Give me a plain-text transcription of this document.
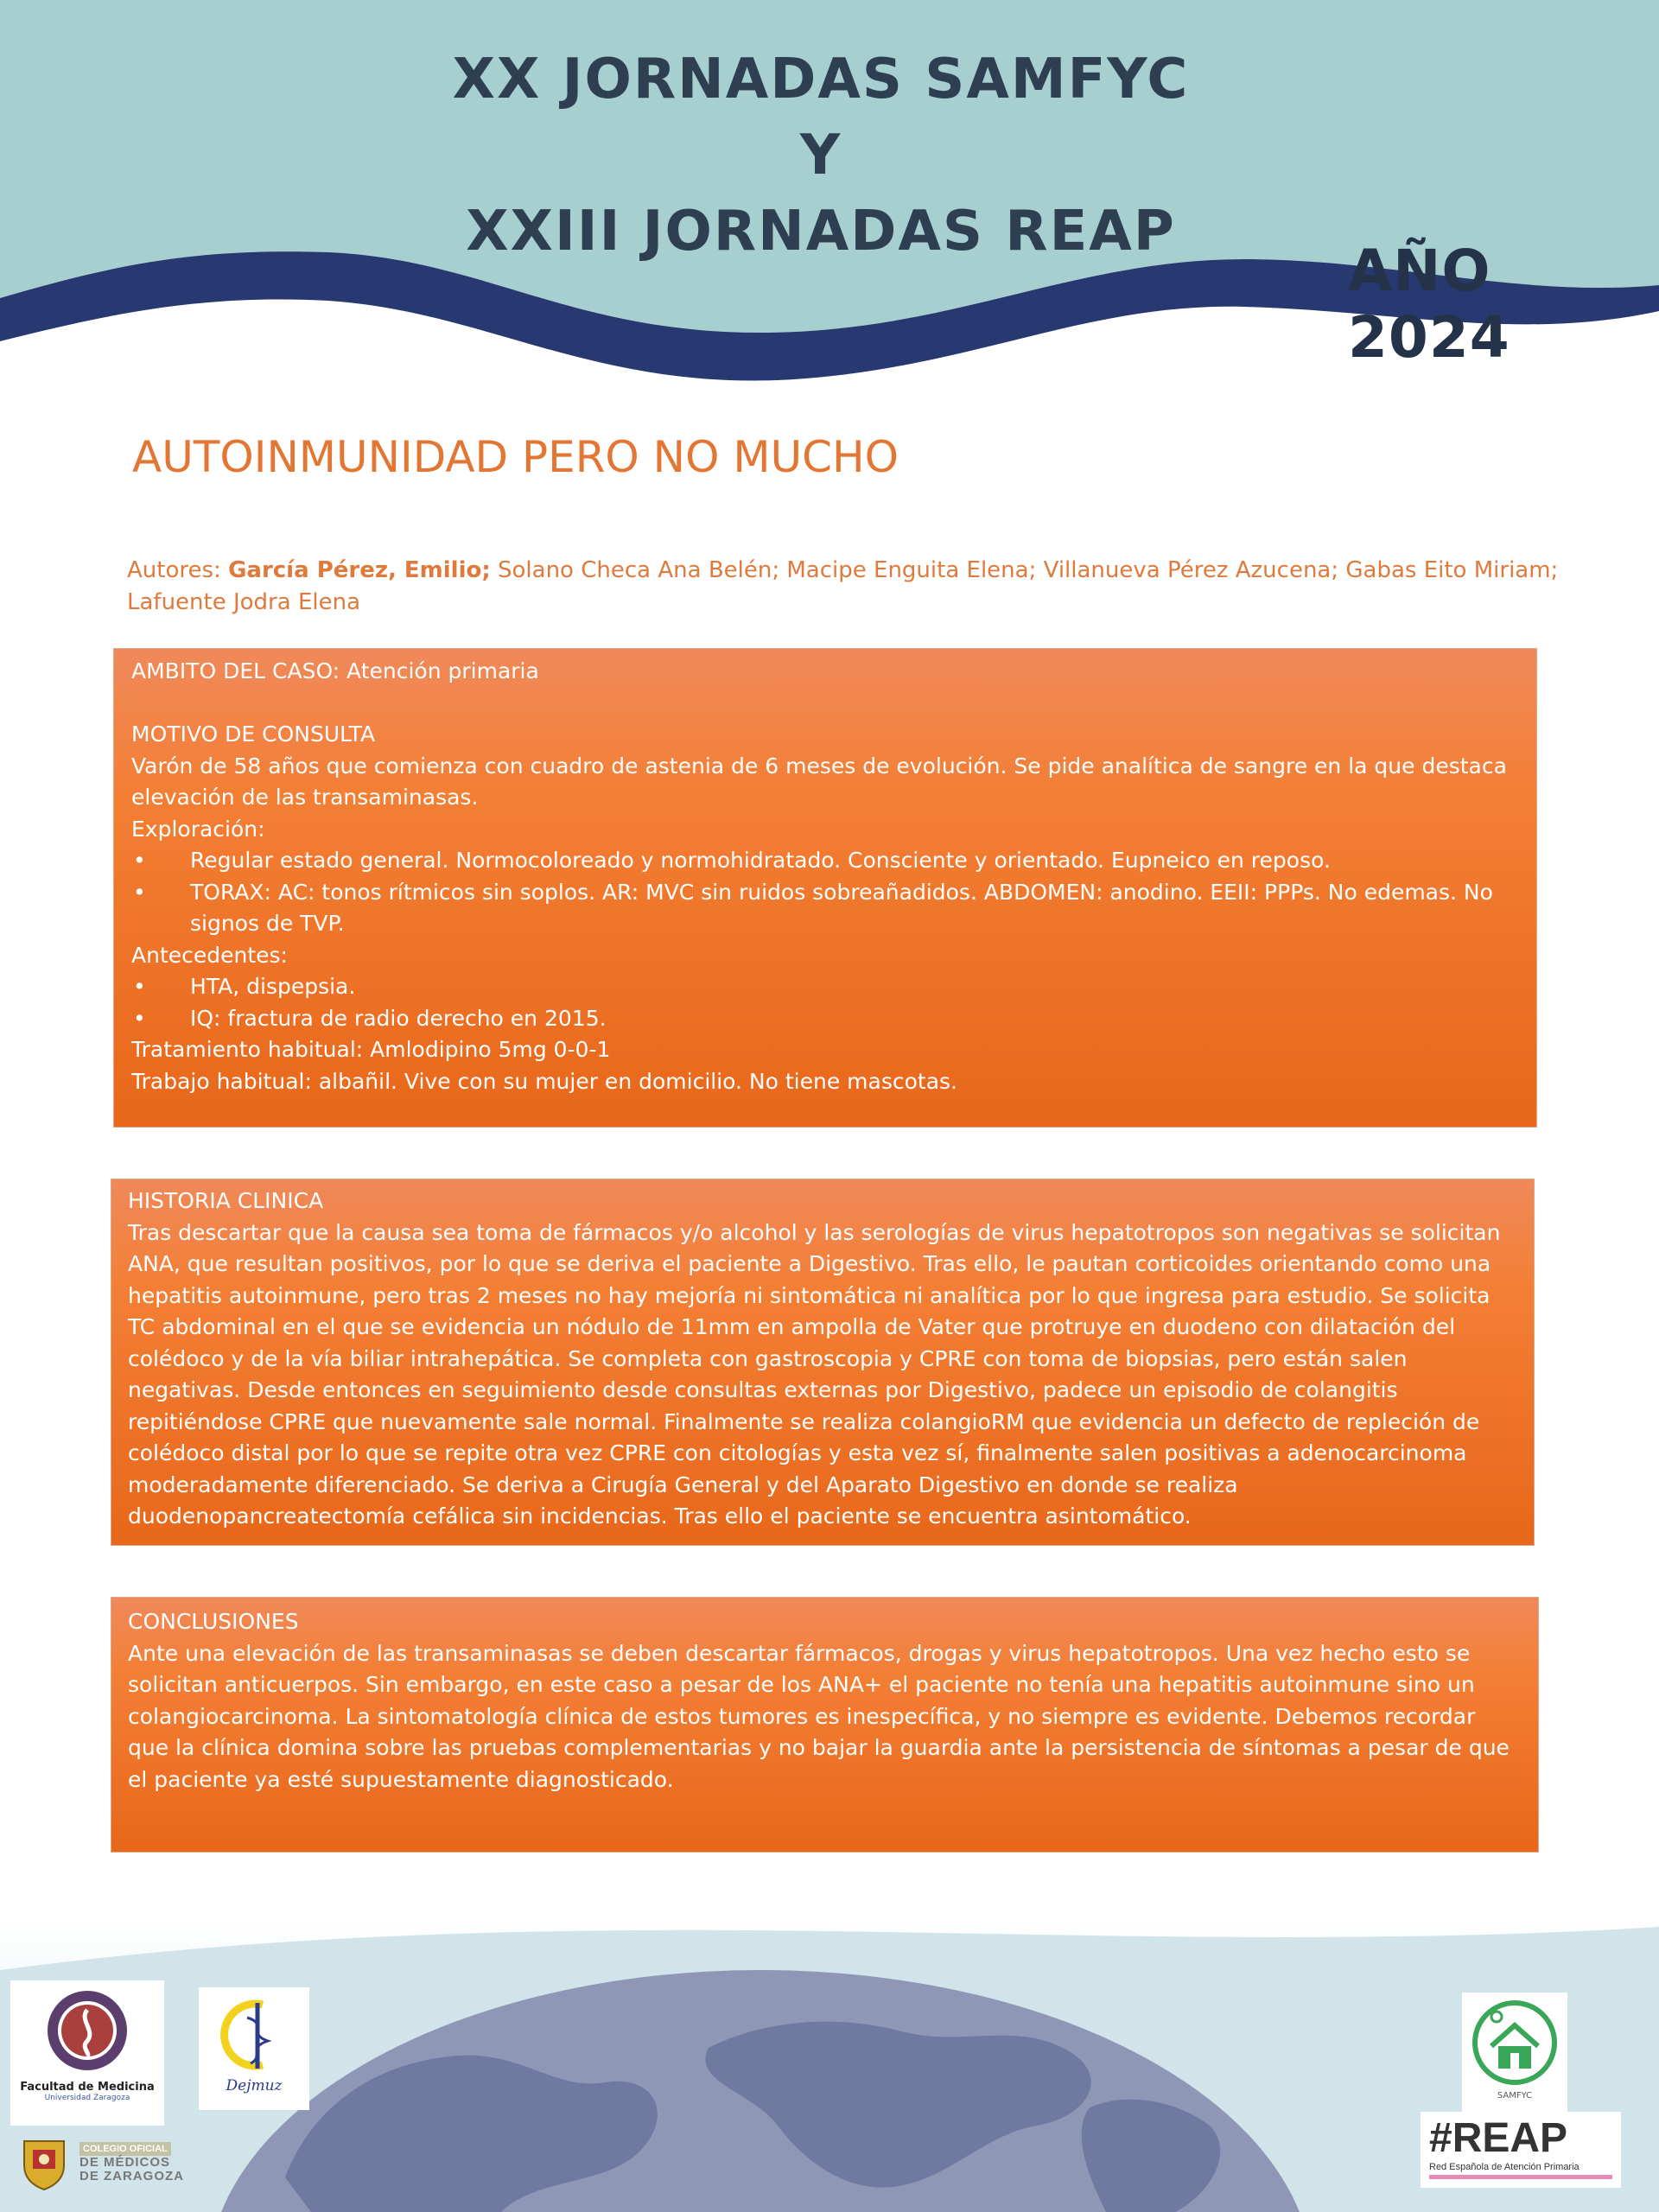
XX JORNADAS SAMFYC
Y
XXIII JORNADAS REAP
AÑO 2024
AUTOINMUNIDAD PERO NO MUCHO
Autores: García Pérez, Emilio; Solano Checa Ana Belén; Macipe Enguita Elena; Villanueva Pérez Azucena; Gabas Eito Miriam; Lafuente Jodra Elena

AMBITO DEL CASO: Atención primaria

MOTIVO DE CONSULTA

Varón de 58 años que comienza con cuadro de astenia de 6 meses de evolución. Se pide analítica de sangre en la que destaca elevación de las transaminasas.

Exploración:

• Regular estado general. Normocoloreado y normohidratado. Consciente y orientado. Eupneico en reposo.
• TORAX: AC: tonos rítmicos sin soplos. AR: MVC sin ruidos sobreañadidos. ABDOMEN: anodino. EEII: PPPs. No edemas. No signos de TVP.

Antecedentes:

• HTA, dispepsia.
• IQ: fractura de radio derecho en 2015.

Tratamiento habitual: Amlodipino 5mg 0-0-1

Trabajo habitual: albañil. Vive con su mujer en domicilio. No tiene mascotas.

HISTORIA CLINICA

Tras descartar que la causa sea toma de fármacos y/o alcohol y las serologías de virus hepatotropos son negativas se solicitan ANA, que resultan positivos, por lo que se deriva el paciente a Digestivo. Tras ello, le pautan corticoides orientando como una hepatitis autoinmune, pero tras 2 meses no hay mejoría ni sintomática ni analítica por lo que ingresa para estudio. Se solicita TC abdominal en el que se evidencia un nódulo de 11mm en ampolla de Vater que protruye en duodeno con dilatación del colédoco y de la vía biliar intrahepática. Se completa con gastroscopia y CPRE con toma de biopsias, pero están salen negativas. Desde entonces en seguimiento desde consultas externas por Digestivo, padece un episodio de colangitis repitiéndose CPRE que nuevamente sale normal. Finalmente se realiza colangioRM que evidencia un defecto de repleción de colédoco distal por lo que se repite otra vez CPRE con citologías y esta vez sí, finalmente salen positivas a adenocarcinoma moderadamente diferenciado. Se deriva a Cirugía General y del Aparato Digestivo en donde se realiza duodenopancreatectomía cefálica sin incidencias. Tras ello el paciente se encuentra asintomático.

CONCLUSIONES

Ante una elevación de las transaminasas se deben descartar fármacos, drogas y virus hepatotropos. Una vez hecho esto se solicitan anticuerpos. Sin embargo, en este caso a pesar de los ANA+ el paciente no tenía una hepatitis autoinmune sino un colangiocarcinoma. La sintomatología clínica de estos tumores es inespecífica, y no siempre es evidente. Debemos recordar que la clínica domina sobre las pruebas complementarias y no bajar la guardia ante la persistencia de síntomas a pesar de que el paciente ya esté supuestamente diagnosticado.

Facultad de Medicina
Universidad Zaragoza
Dejmuz
COLEGIO OFICIAL
DE MÉDICOS
DE ZARAGOZA
SAMFYC
#REAP
Red Española de Atención Primaria
